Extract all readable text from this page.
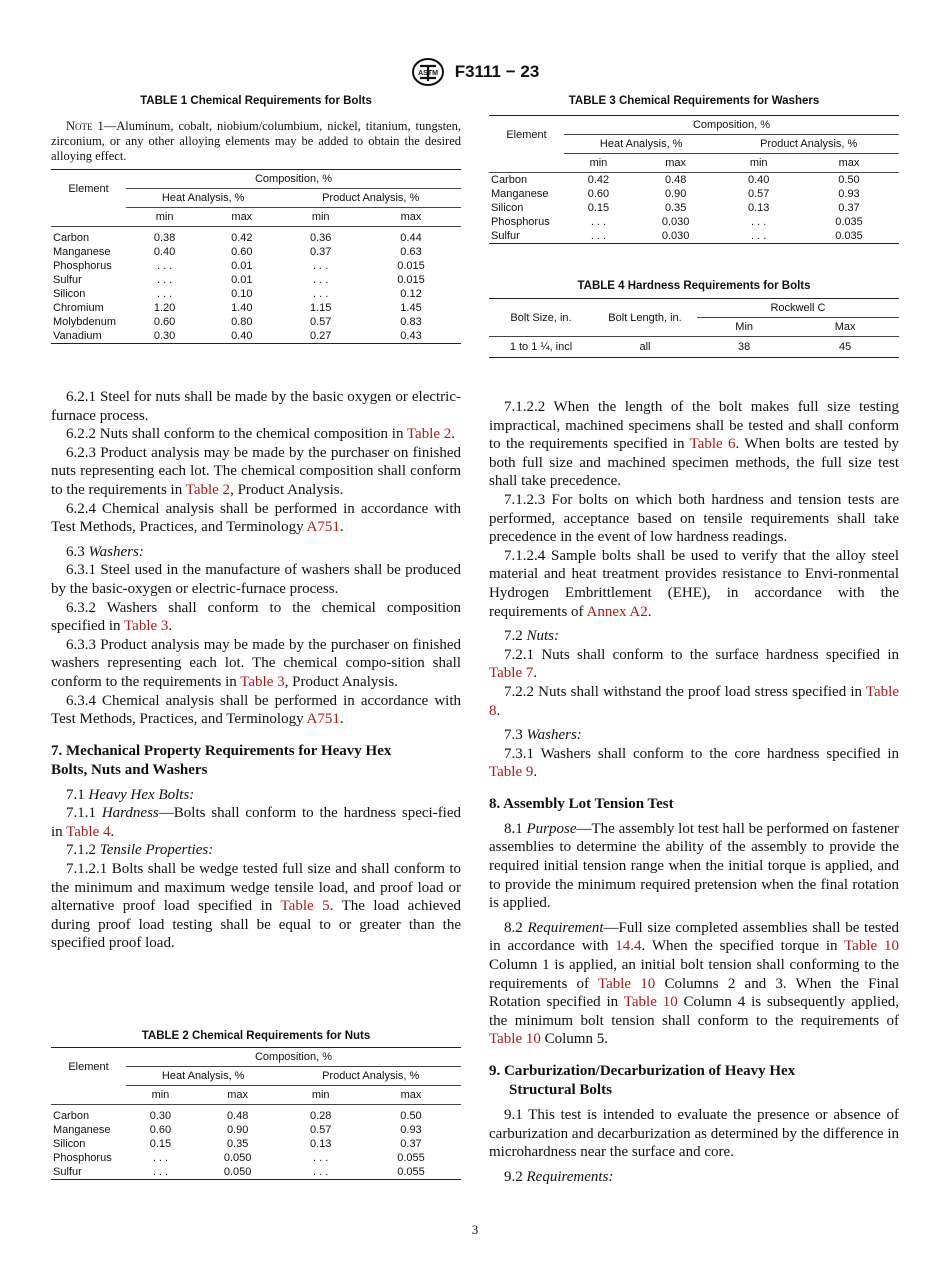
ASTM F3111 − 23
TABLE 1 Chemical Requirements for Bolts
Note 1—Aluminum, cobalt, niobium/columbium, nickel, titanium, tungsten, zirconium, or any other alloying elements may be added to obtain the desired alloying effect.
Element	Composition, %			
	Heat Analysis, %		Product Analysis, %	
	min	max	min	max

Carbon	0.38	0.42	0.36	0.44
Manganese	0.40	0.60	0.37	0.63
Phosphorus	. . .	0.01	. . .	0.015
Sulfur	. . .	0.01	. . .	0.015
Silicon	. . .	0.10	. . .	0.12
Chromium	1.20	1.40	1.15	1.45
Molybdenum	0.60	0.80	0.57	0.83
Vanadium	0.30	0.40	0.27	0.43

6.2.1 Steel for nuts shall be made by the basic oxygen or electric-furnace process.

6.2.2 Nuts shall conform to the chemical composition in Table 2.

6.2.3 Product analysis may be made by the purchaser on finished nuts representing each lot. The chemical composition shall conform to the requirements in Table 2, Product Analysis.

6.2.4 Chemical analysis shall be performed in accordance with Test Methods, Practices, and Terminology A751.

6.3 Washers:

6.3.1 Steel used in the manufacture of washers shall be produced by the basic-oxygen or electric-furnace process.

6.3.2 Washers shall conform to the chemical composition specified in Table 3.

6.3.3 Product analysis may be made by the purchaser on finished washers representing each lot. The chemical compo-sition shall conform to the requirements in Table 3, Product Analysis.

6.3.4 Chemical analysis shall be performed in accordance with Test Methods, Practices, and Terminology A751.

7. Mechanical Property Requirements for Heavy Hex
Bolts, Nuts and Washers

7.1 Heavy Hex Bolts:

7.1.1 Hardness—Bolts shall conform to the hardness speci-fied in Table 4.

7.1.2 Tensile Properties:

7.1.2.1 Bolts shall be wedge tested full size and shall conform to the minimum and maximum wedge tensile load, and proof load or alternative proof load specified in Table 5. The load achieved during proof load testing shall be equal to or greater than the specified proof load.

TABLE 2 Chemical Requirements for Nuts
Element	Composition, %			
	Heat Analysis, %		Product Analysis, %	
	min	max	min	max

Carbon	0.30	0.48	0.28	0.50
Manganese	0.60	0.90	0.57	0.93
Silicon	0.15	0.35	0.13	0.37
Phosphorus	. . .	0.050	. . .	0.055
Sulfur	. . .	0.050	. . .	0.055
TABLE 3 Chemical Requirements for Washers
Element	Composition, %			
	Heat Analysis, %		Product Analysis, %	
	min	max	min	max
Carbon	0.42	0.48	0.40	0.50
Manganese	0.60	0.90	0.57	0.93
Silicon	0.15	0.35	0.13	0.37
Phosphorus	. . .	0.030	. . .	0.035
Sulfur	. . .	0.030	. . .	0.035
TABLE 4 Hardness Requirements for Bolts
Bolt Size, in.	Bolt Length, in.	Rockwell C	
		Min	Max
1 to 1 ¼, incl	all	38	45

7.1.2.2 When the length of the bolt makes full size testing impractical, machined specimens shall be tested and shall conform to the requirements specified in Table 6. When bolts are tested by both full size and machined specimen methods, the full size test shall take precedence.

7.1.2.3 For bolts on which both hardness and tension tests are performed, acceptance based on tensile requirements shall take precedence in the event of low hardness readings.

7.1.2.4 Sample bolts shall be used to verify that the alloy steel material and heat treatment provides resistance to Envi-ronmental Hydrogen Embrittlement (EHE), in accordance with the requirements of Annex A2.

7.2 Nuts:

7.2.1 Nuts shall conform to the surface hardness specified in Table 7.

7.2.2 Nuts shall withstand the proof load stress specified in Table 8.

7.3 Washers:

7.3.1 Washers shall conform to the core hardness specified in Table 9.

8. Assembly Lot Tension Test

8.1 Purpose—The assembly lot test hall be performed on fastener assemblies to determine the ability of the assembly to provide the required initial tension range when the initial torque is applied, and to provide the minimum required pretension when the final rotation is applied.

8.2 Requirement—Full size completed assemblies shall be tested in accordance with 14.4. When the specified torque in Table 10 Column 1 is applied, an initial bolt tension shall conforming to the requirements of Table 10 Columns 2 and 3. When the Final Rotation specified in Table 10 Column 4 is subsequently applied, the minimum bolt tension shall conform to the requirements of Table 10 Column 5.

9. Carburization/Decarburization of Heavy Hex
Structural Bolts

9.1 This test is intended to evaluate the presence or absence of carburization and decarburization as determined by the difference in microhardness near the surface and core.

9.2 Requirements:

3
